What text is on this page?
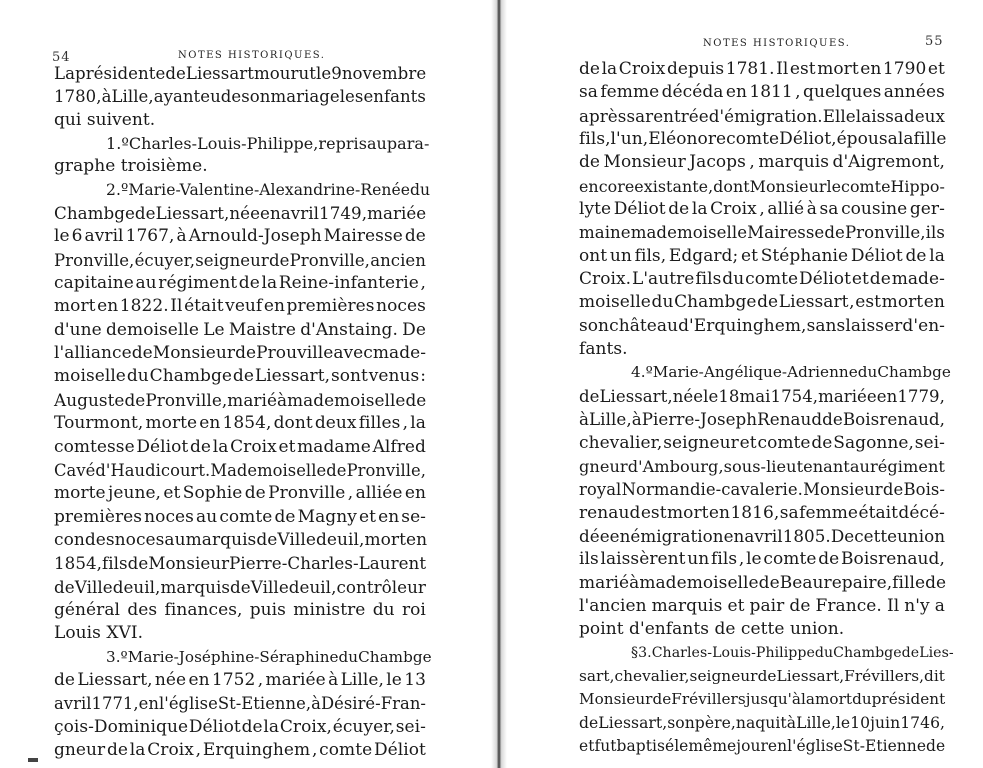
54	NOTES HISTORIQUES.
La présidente de Liessart mourut le 9 novembre
1780 , à Lille, ayant eu de son mariage les enfants
qui suivent.
1.º Charles-Louis-Philippe , repris au para-
graphe troisième.
2.º Marie-Valentine-Alexandrine-Renée du
Chambge de Liessart, née en avril 1749, mariée
le 6 avril 1767, à Arnould-Joseph Mairesse de
Pronville, écuyer, seigneur de Pronville, ancien
capitaine au régiment de la Reine-infanterie ,
mort en 1822. Il était veuf en premières noces
d'une demoiselle Le Maistre d'Anstaing. De
l'alliance de Monsieur de Prouville avec made-
moiselle du Chambge de Liessart, sont venus :
Auguste de Pronville, marié à mademoiselle de
Tourmont, morte en 1854, dont deux filles , la
comtesse Déliot de la Croix et madame Alfred
Cavé d'Haudicourt. Mademoiselle de Pronville,
morte jeune, et Sophie de Pronville , alliée en
premières noces au comte de Magny et en se-
condes noces au marquis de Villedeuil, mort en
1854, fils de Monsieur Pierre-Charles-Laurent
de Villedeuil, marquis de Villedeuil, contrôleur
général des finances, puis ministre du roi
Louis XVI.
3.º Marie-Joséphine-Séraphine du Chambge
de Liessart, née en 1752 , mariée à Lille, le 13
avril 1771, en l'église St-Etienne, à Désiré-Fran-
çois-Dominique Déliot de la Croix, écuyer, sei-
gneur de la Croix , Erquinghem , comte Déliot
NOTES HISTORIQUES.	55
de la Croix depuis 1781. Il est mort en 1790 et
sa femme décéda en 1811 , quelques années
après sa rentrée d'émigration. Elle laissa deux
fils, l'un, Eléonore comte Déliot, épousa la fille
de Monsieur Jacops , marquis d'Aigremont,
encore existante,dont Monsieur le comte Hippo-
lyte Déliot de la Croix , allié à sa cousine ger-
maine mademoiselle Mairesse de Pronville , ils
ont un fils, Edgard; et Stéphanie Déliot de la
Croix. L'autre fils du comte Déliot et de made-
moiselle du Chambge de Liessart , est mort en
son château d'Erquinghem, sans laisser d'en-
fants.
4.º Marie-Angélique-Adrienne du Chambge
de Liessart, née le 18 mai 1754,mariée en 1779,
à Lille, à Pierre-Joseph Renaud de Boisrenaud,
chevalier, seigneur et comte de Sagonne, sei-
gneur d'Ambourg, sous-lieutenant au régiment
royal Normandie-cavalerie. Monsieur de Bois-
renaud est mort en 1816, sa femme était décé-
dée en émigration en avril 1805. De cette union
ils laissèrent un fils , le comte de Boisrenaud,
marié à mademoiselle de Beaurepaire, fille de
l'ancien marquis et pair de France. Il n'y a
point d'enfants de cette union.
§ 3. Charles-Louis-Philippe du Chambge de Lies-
sart, chevalier, seigneur de Liessart, Frévillers, dit
Monsieur de Frévillers jusqu'à la mort du président
de Liessart, son père, naquit à Lille,le 10 juin 1746,
et fut baptisé le même jour en l'église St-Etienne de
